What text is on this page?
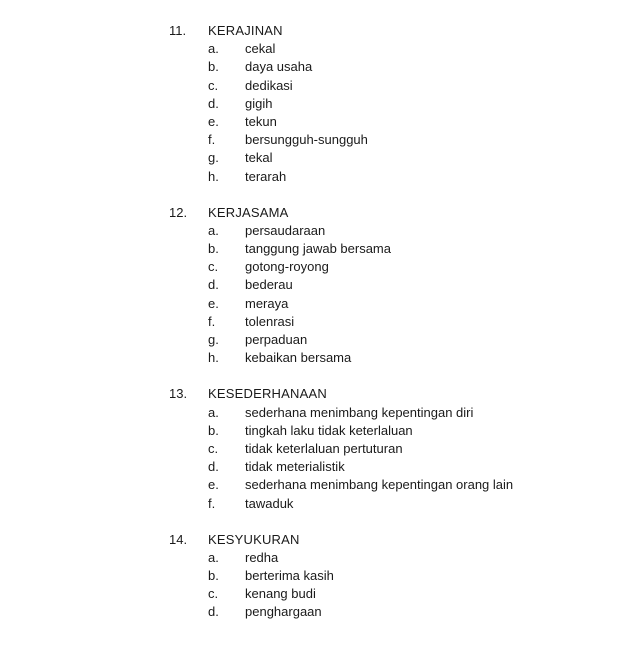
11. KERAJINAN
a. cekal
b. daya usaha
c. dedikasi
d. gigih
e. tekun
f. bersungguh-sungguh
g. tekal
h. terarah
12. KERJASAMA
a. persaudaraan
b. tanggung jawab bersama
c. gotong-royong
d. bederau
e. meraya
f. tolenrasi
g. perpaduan
h. kebaikan bersama
13. KESEDERHANAAN
a. sederhana menimbang kepentingan diri
b. tingkah laku tidak keterlaluan
c. tidak keterlaluan pertuturan
d. tidak meterialistik
e. sederhana menimbang kepentingan orang lain
f. tawaduk
14. KESYUKURAN
a. redha
b. berterima kasih
c. kenang budi
d. penghargaan
